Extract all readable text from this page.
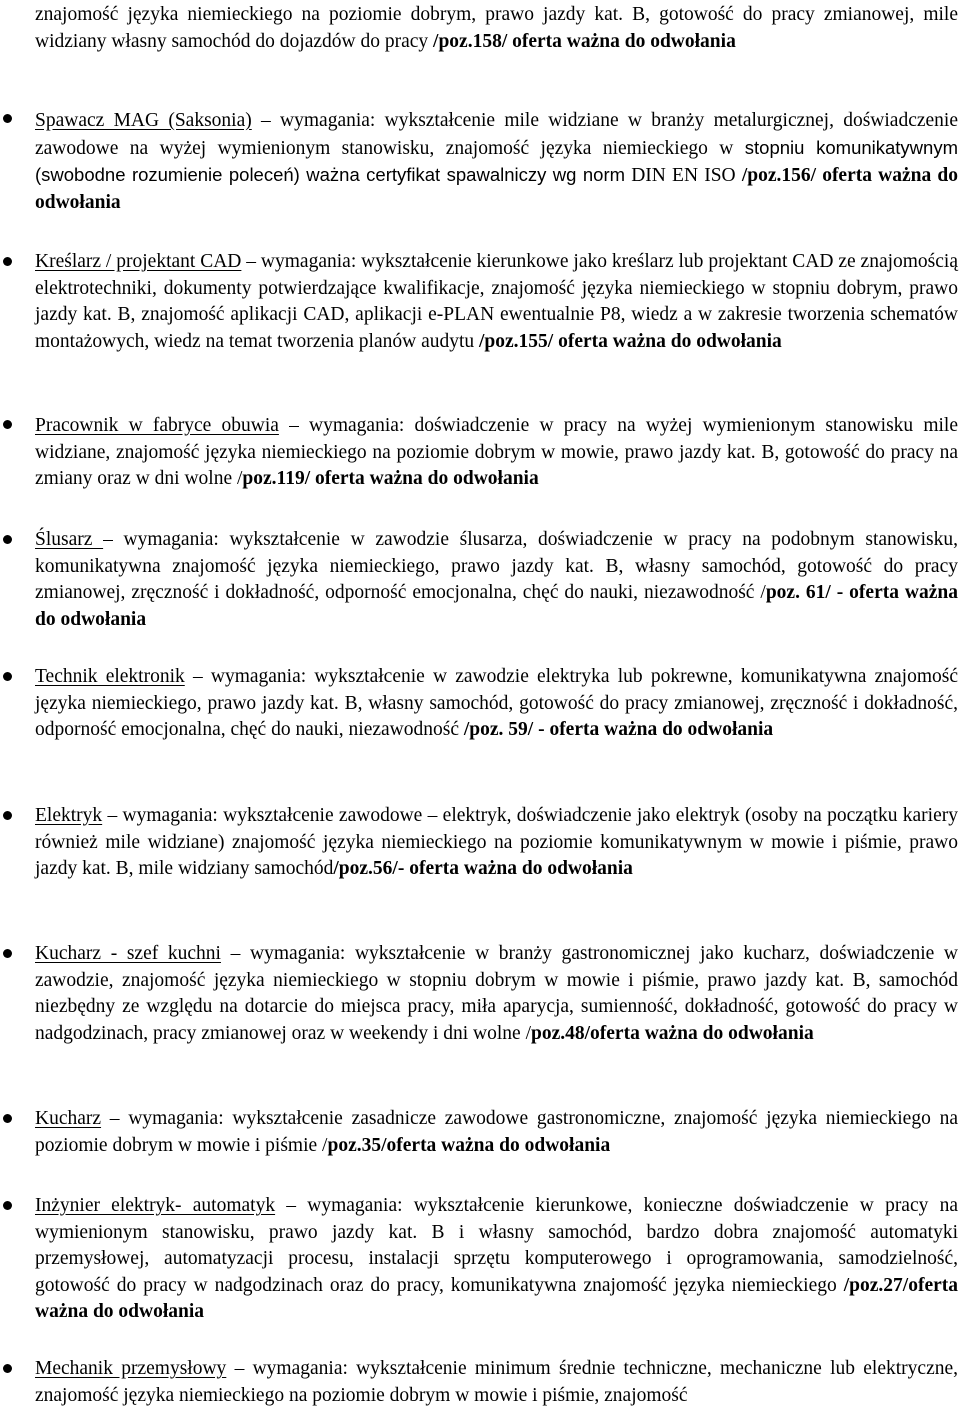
znajomość języka niemieckiego na poziomie dobrym, prawo jazdy kat. B, gotowość do pracy zmianowej, mile widziany własny samochód do dojazdów do pracy /poz.158/ oferta ważna do odwołania

Spawacz MAG (Saksonia) – wymagania: wykształcenie mile widziane w branży metalurgicznej, doświadczenie zawodowe na wyżej wymienionym stanowisku, znajomość języka niemieckiego w stopniu komunikatywnym (swobodne rozumienie poleceń) ważna certyfikat spawalniczy wg norm DIN EN ISO /poz.156/ oferta ważna do odwołania

Kreślarz / projektant CAD – wymagania: wykształcenie kierunkowe jako kreślarz lub projektant CAD ze znajomością elektrotechniki, dokumenty potwierdzające kwalifikacje, znajomość języka niemieckiego w stopniu dobrym, prawo jazdy kat. B, znajomość aplikacji CAD, aplikacji e-PLAN ewentualnie P8, wiedz a w zakresie tworzenia schematów montażowych, wiedz na temat tworzenia planów audytu /poz.155/ oferta ważna do odwołania

Pracownik w fabryce obuwia – wymagania: doświadczenie w pracy na wyżej wymienionym stanowisku mile widziane, znajomość języka niemieckiego na poziomie dobrym w mowie, prawo jazdy kat. B, gotowość do pracy na zmiany oraz w dni wolne /poz.119/ oferta ważna do odwołania

Ślusarz – wymagania: wykształcenie w zawodzie ślusarza, doświadczenie w pracy na podobnym stanowisku, komunikatywna znajomość języka niemieckiego, prawo jazdy kat. B, własny samochód, gotowość do pracy zmianowej, zręczność i dokładność, odporność emocjonalna, chęć do nauki, niezawodność /poz. 61/ - oferta ważna do odwołania

Technik elektronik – wymagania: wykształcenie w zawodzie elektryka lub pokrewne, komunikatywna znajomość języka niemieckiego, prawo jazdy kat. B, własny samochód, gotowość do pracy zmianowej, zręczność i dokładność, odporność emocjonalna, chęć do nauki, niezawodność /poz. 59/ - oferta ważna do odwołania

Elektryk – wymagania: wykształcenie zawodowe – elektryk, doświadczenie jako elektryk (osoby na początku kariery również mile widziane) znajomość języka niemieckiego na poziomie komunikatywnym w mowie i piśmie, prawo jazdy kat. B, mile widziany samochód/poz.56/- oferta ważna do odwołania

Kucharz - szef kuchni – wymagania: wykształcenie w branży gastronomicznej jako kucharz, doświadczenie w zawodzie, znajomość języka niemieckiego w stopniu dobrym w mowie i piśmie, prawo jazdy kat. B, samochód niezbędny ze względu na dotarcie do miejsca pracy, miła aparycja, sumienność, dokładność, gotowość do pracy w nadgodzinach, pracy zmianowej oraz w weekendy i dni wolne /poz.48/oferta ważna do odwołania

Kucharz – wymagania: wykształcenie zasadnicze zawodowe gastronomiczne, znajomość języka niemieckiego na poziomie dobrym w mowie i piśmie /poz.35/oferta ważna do odwołania

Inżynier elektryk- automatyk – wymagania: wykształcenie kierunkowe, konieczne doświadczenie w pracy na wymienionym stanowisku, prawo jazdy kat. B i własny samochód, bardzo dobra znajomość automatyki przemysłowej, automatyzacji procesu, instalacji sprzętu komputerowego i oprogramowania, samodzielność, gotowość do pracy w nadgodzinach oraz do pracy, komunikatywna znajomość języka niemieckiego /poz.27/oferta ważna do odwołania

Mechanik przemysłowy – wymagania: wykształcenie minimum średnie techniczne, mechaniczne lub elektryczne, znajomość języka niemieckiego na poziomie dobrym w mowie i piśmie, znajomość
